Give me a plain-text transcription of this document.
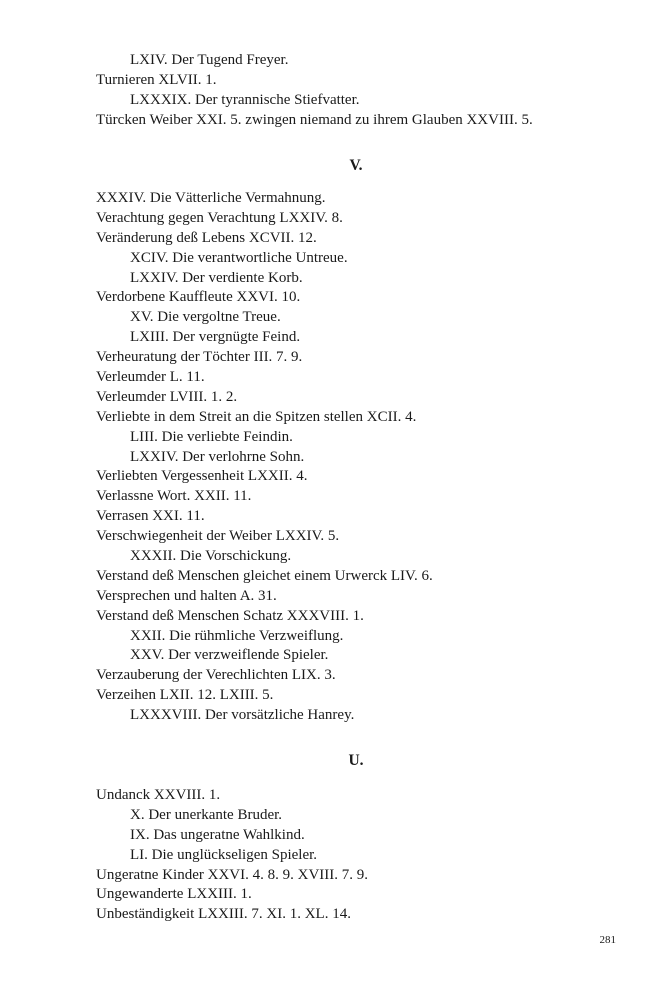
LXIV. Der Tugend Freyer.
Turnieren XLVII. 1.
LXXXIX. Der tyrannische Stiefvatter.
Türcken Weiber XXI. 5. zwingen niemand zu ihrem Glauben XXVIII. 5.
V.
XXXIV. Die Vätterliche Vermahnung.
Verachtung gegen Verachtung LXXIV. 8.
Veränderung deß Lebens XCVII. 12.
XCIV. Die verantwortliche Untreue.
LXXIV. Der verdiente Korb.
Verdorbene Kauffleute XXVI. 10.
XV. Die vergoltne Treue.
LXIII. Der vergnügte Feind.
Verheuratung der Töchter III. 7. 9.
Verleumder L. 11.
Verleumder LVIII. 1. 2.
Verliebte in dem Streit an die Spitzen stellen XCII. 4.
LIII. Die verliebte Feindin.
LXXIV. Der verlohrne Sohn.
Verliebten Vergessenheit LXXII. 4.
Verlassne Wort. XXII. 11.
Verrasen XXI. 11.
Verschwiegenheit der Weiber LXXIV. 5.
XXXII. Die Vorschickung.
Verstand deß Menschen gleichet einem Urwerck LIV. 6.
Versprechen und halten A. 31.
Verstand deß Menschen Schatz XXXVIII. 1.
XXII. Die rühmliche Verzweiflung.
XXV. Der verzweiflende Spieler.
Verzauberung der Verechlichten LIX. 3.
Verzeihen LXII. 12. LXIII. 5.
LXXXVIII. Der vorsätzliche Hanrey.
U.
Undanck XXVIII. 1.
X. Der unerkante Bruder.
IX. Das ungeratne Wahlkind.
LI. Die unglückseligen Spieler.
Ungeratne Kinder XXVI. 4. 8. 9. XVIII. 7. 9.
Ungewanderte LXXIII. 1.
Unbeständigkeit LXXIII. 7. XI. 1. XL. 14.
281
